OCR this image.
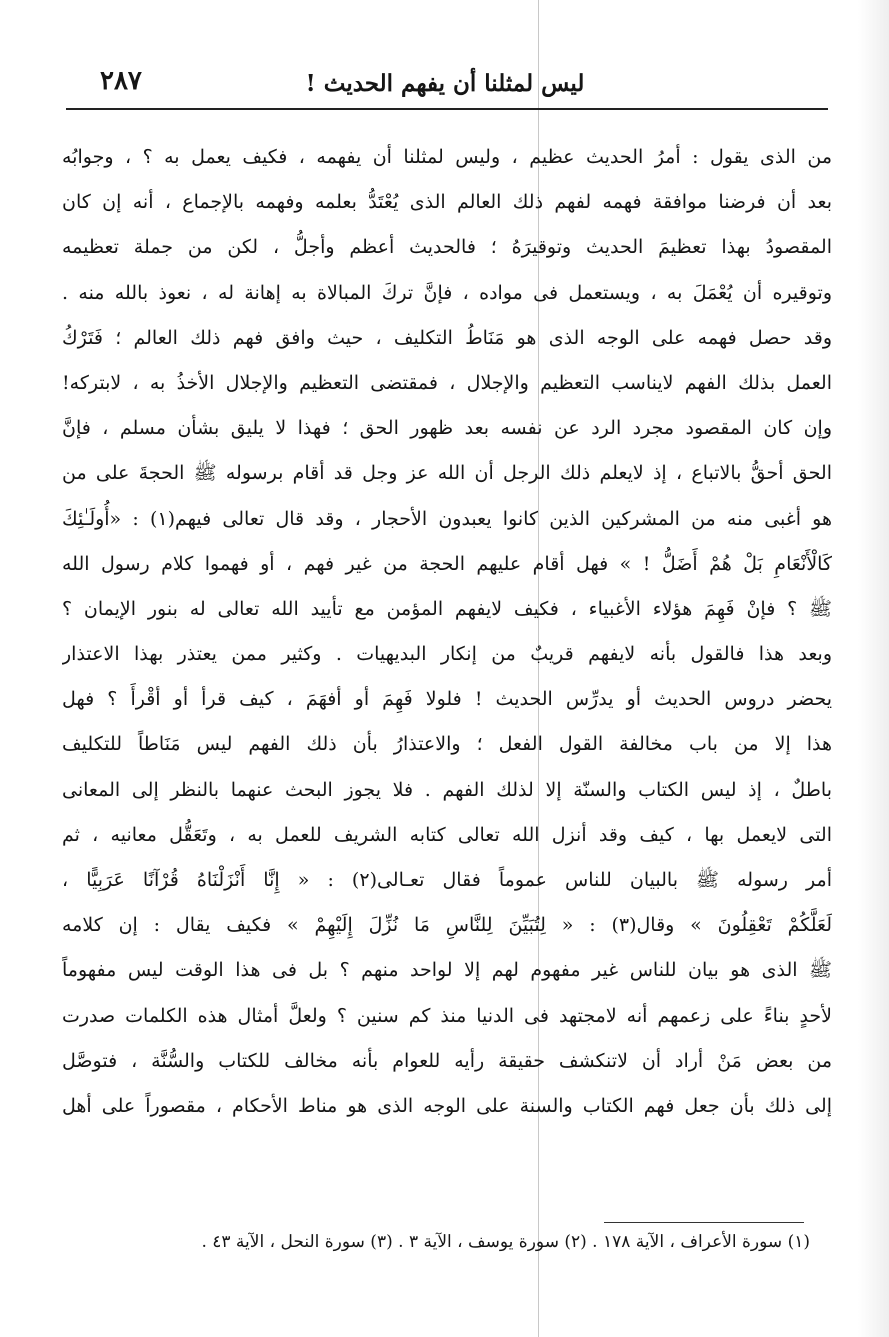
ليس لمثلنا أن يفهم الحديث !
٢٨٧
من الذى يقول : أمرُ الحديث عظيم ، وليس لمثلنا أن يفهمه ، فكيف يعمل به ؟ ، وجوابُه
بعد أن فرضنا موافقة فهمه لفهم ذلك العالم الذى يُعْتَدُّ بعلمه وفهمه بالإجماع ، أنه إن كان
المقصودُ بهذا تعظيمَ الحديث وتوقيرَهُ ؛ فالحديث أعظم وأجلُّ ، لكن من جملة تعظيمه
وتوقيره أن يُعْمَلَ به ، ويستعمل فى مواده ، فإنَّ تركَ المبالاة به إهانة له ، نعوذ بالله منه .
وقد حصل فهمه على الوجه الذى هو مَنَاطُ التكليف ، حيث وافق فهم ذلك العالم ؛ فَتَرْكُ
العمل بذلك الفهم لايناسب التعظيم والإجلال ، فمقتضى التعظيم والإجلال الأخذُ به ، لابتركه!
وإن كان المقصود مجرد الرد عن نفسه بعد ظهور الحق ؛ فهذا لا يليق بشأن مسلم ، فإنَّ
الحق أحقُّ بالاتباع ، إذ لايعلم ذلك الرجل أن الله عز وجل قد أقام برسوله ﷺ الحجةَ على من
هو أغبى منه من المشركين الذين كانوا يعبدون الأحجار ، وقد قال تعالى فيهم(١) : «أُولَـٰئِكَ
كَالْأَنْعَامِ بَلْ هُمْ أَضَلُّ ! » فهل أقام عليهم الحجة من غير فهم ، أو فهموا كلام رسول الله
ﷺ ؟ فإنْ فَهِمَ هؤلاء الأغبياء ، فكيف لايفهم المؤمن مع تأييد الله تعالى له بنور الإيمان ؟
وبعد هذا فالقول بأنه لايفهم قريبٌ من إنكار البديهيات . وكثير ممن يعتذر بهذا الاعتذار
يحضر دروس الحديث أو يدرِّس الحديث ! فلولا فَهِمَ أو أفهَمَ ، كيف قرأ أو أقْرأَ ؟ فهل
هذا إلا من باب مخالفة القول الفعل ؛ والاعتذارُ بأن ذلك الفهم ليس مَنَاطاً للتكليف
باطلٌ ، إذ ليس الكتاب والسنّة إلا لذلك الفهم . فلا يجوز البحث عنهما بالنظر إلى المعانى
التى لايعمل بها ، كيف وقد أنزل الله تعالى كتابه الشريف للعمل به ، وتَعَقُّل معانيه ، ثم
أمر رسوله ﷺ بالبيان للناس عموماً فقال تعـالى(٢) : « إِنَّا أَنْزَلْنَاهُ قُرْآنًا عَرَبِيًّا ،
لَعَلَّكُمْ تَعْقِلُونَ » وقال(٣) : « لِتُبَيِّنَ لِلنَّاسِ مَا نُزِّلَ إِلَيْهِمْ » فكيف يقال : إن كلامه
ﷺ الذى هو بيان للناس غير مفهوم لهم إلا لواحد منهم ؟ بل فى هذا الوقت ليس مفهوماً
لأحدٍ بناءً على زعمهم أنه لامجتهد فى الدنيا منذ كم سنين ؟ ولعلَّ أمثال هذه الكلمات صدرت
من بعض مَنْ أراد أن لاتنكشف حقيقة رأيه للعوام بأنه مخالف للكتاب والسُّنَّة ، فتوصَّل
إلى ذلك بأن جعل فهم الكتاب والسنة على الوجه الذى هو مناط الأحكام ، مقصوراً على أهل
(١) سورة الأعراف ، الآية ١٧٨ . (٢) سورة يوسف ، الآية ٣ . (٣) سورة النحل ، الآية ٤٣ .
